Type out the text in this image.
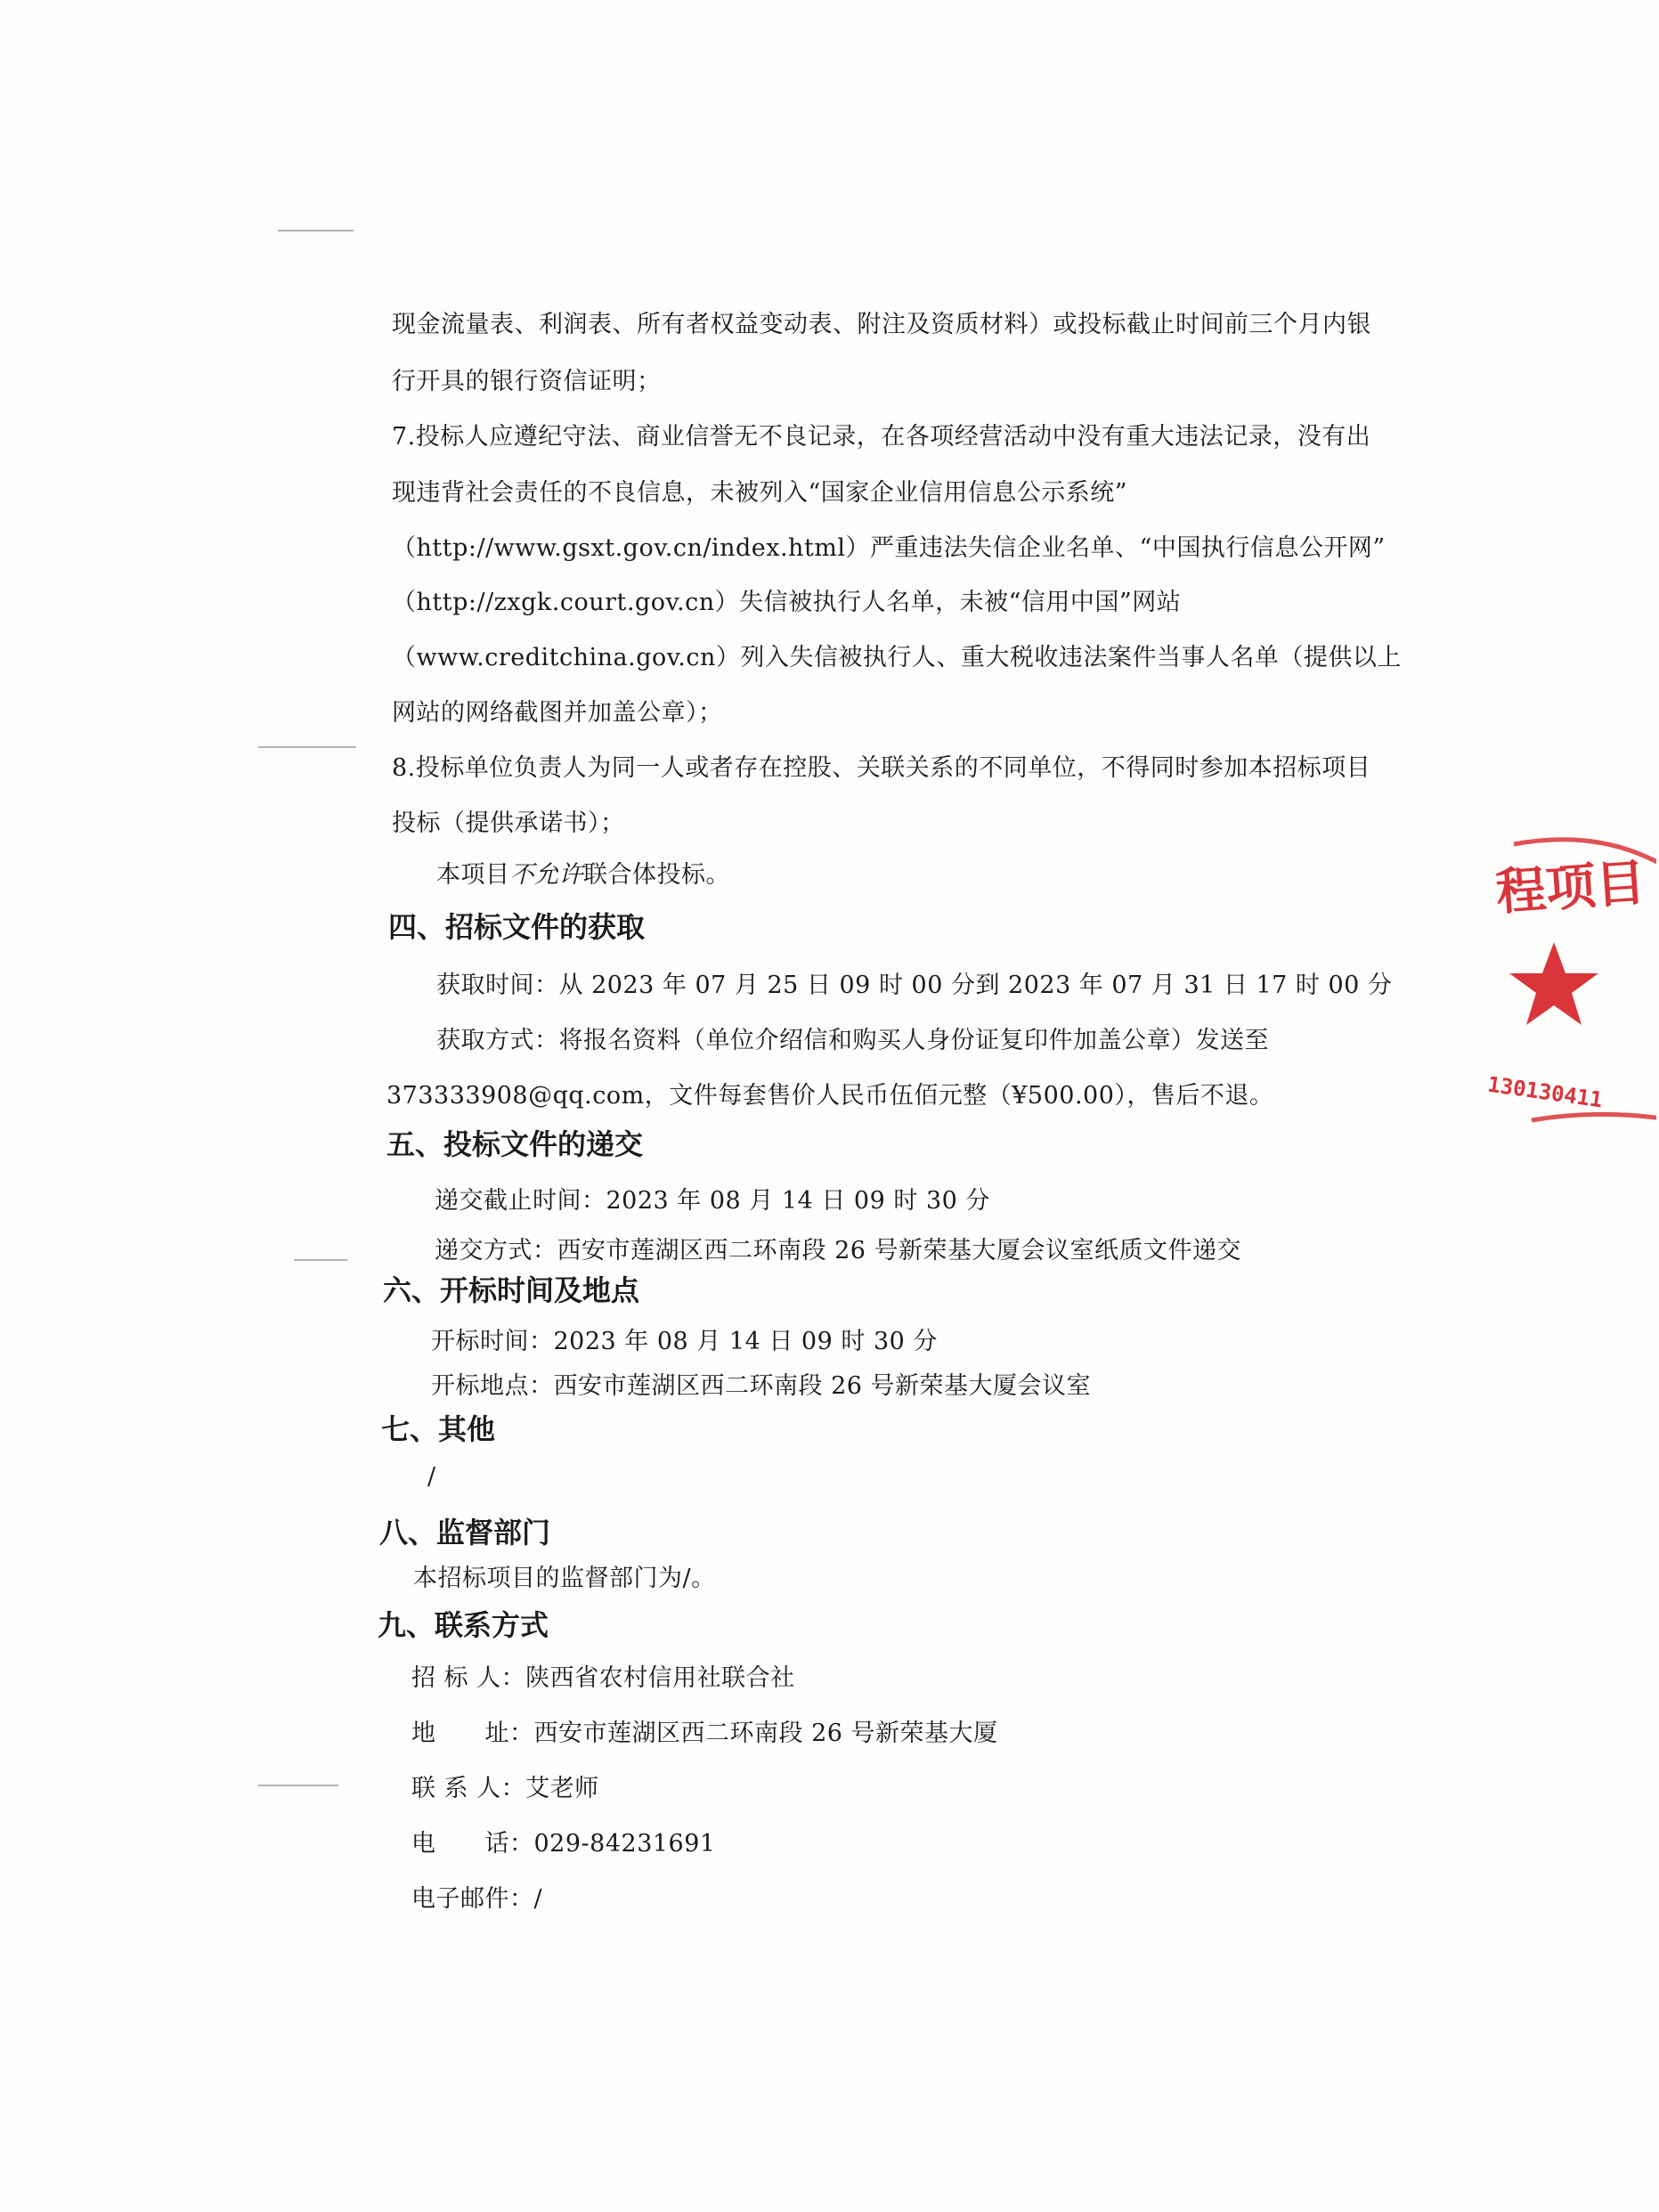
现金流量表、利润表、所有者权益变动表、附注及资质材料）或投标截止时间前三个月内银
行开具的银行资信证明；
7.投标人应遵纪守法、商业信誉无不良记录，在各项经营活动中没有重大违法记录，没有出
现违背社会责任的不良信息，未被列入“国家企业信用信息公示系统”
（http://www.gsxt.gov.cn/index.html）严重违法失信企业名单、“中国执行信息公开网”
（http://zxgk.court.gov.cn）失信被执行人名单，未被“信用中国”网站
（www.creditchina.gov.cn）列入失信被执行人、重大税收违法案件当事人名单（提供以上
网站的网络截图并加盖公章）；
8.投标单位负责人为同一人或者存在控股、关联关系的不同单位，不得同时参加本招标项目
投标（提供承诺书）；
本项目不允许联合体投标。
四、招标文件的获取
获取时间：从 2023 年 07 月 25 日 09 时 00 分到 2023 年 07 月 31 日 17 时 00 分
获取方式：将报名资料（单位介绍信和购买人身份证复印件加盖公章）发送至
373333908@qq.com，文件每套售价人民币伍佰元整（¥500.00），售后不退。
五、投标文件的递交
递交截止时间：2023 年 08 月 14 日 09 时 30 分
递交方式：西安市莲湖区西二环南段 26 号新荣基大厦会议室纸质文件递交
六、开标时间及地点
开标时间：2023 年 08 月 14 日 09 时 30 分
开标地点：西安市莲湖区西二环南段 26 号新荣基大厦会议室
七、其他
/
八、监督部门
本招标项目的监督部门为/。
九、联系方式
招 标 人：陕西省农村信用社联合社
地　　址：西安市莲湖区西二环南段 26 号新荣基大厦
联 系 人：艾老师
电　　话：029-84231691
电子邮件：/
程项目
130130411
